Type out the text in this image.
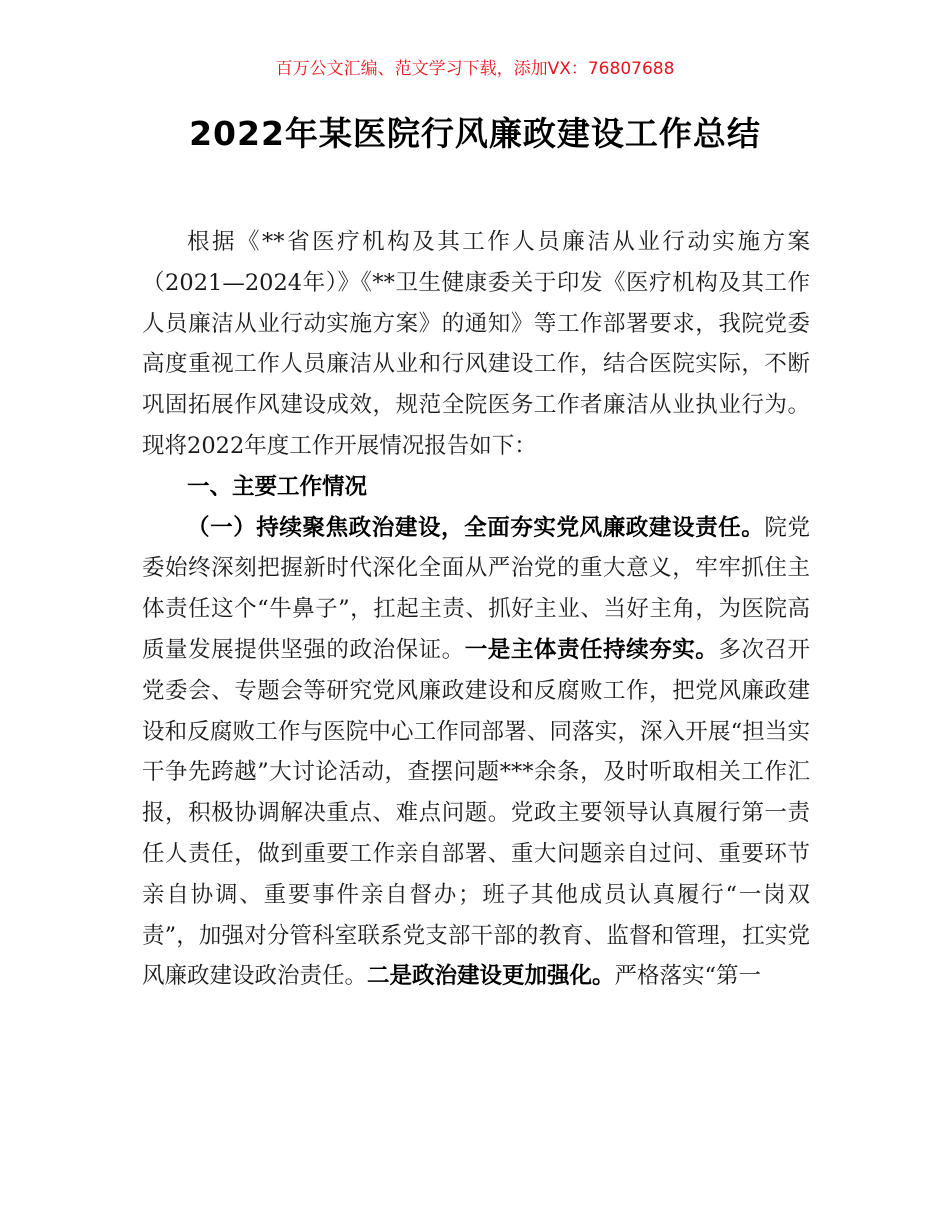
百万公文汇编、范文学习下载，添加VX：76807688
2022年某医院行风廉政建设工作总结

根据《**省医疗机构及其工作人员廉洁从业行动实施方案（2021—2024年）》《**卫生健康委关于印发《医疗机构及其工作人员廉洁从业行动实施方案》的通知》等工作部署要求，我院党委高度重视工作人员廉洁从业和行风建设工作，结合医院实际，不断巩固拓展作风建设成效，规范全院医务工作者廉洁从业执业行为。现将2022年度工作开展情况报告如下：

一、主要工作情况

（一）持续聚焦政治建设，全面夯实党风廉政建设责任。院党委始终深刻把握新时代深化全面从严治党的重大意义，牢牢抓住主体责任这个“牛鼻子”，扛起主责、抓好主业、当好主角，为医院高质量发展提供坚强的政治保证。一是主体责任持续夯实。多次召开党委会、专题会等研究党风廉政建设和反腐败工作，把党风廉政建设和反腐败工作与医院中心工作同部署、同落实，深入开展“担当实干争先跨越”大讨论活动，查摆问题***余条，及时听取相关工作汇报，积极协调解决重点、难点问题。党政主要领导认真履行第一责任人责任，做到重要工作亲自部署、重大问题亲自过问、重要环节亲自协调、重要事件亲自督办；班子其他成员认真履行“一岗双责”，加强对分管科室联系党支部干部的教育、监督和管理，扛实党风廉政建设政治责任。二是政治建设更加强化。严格落实“第一
